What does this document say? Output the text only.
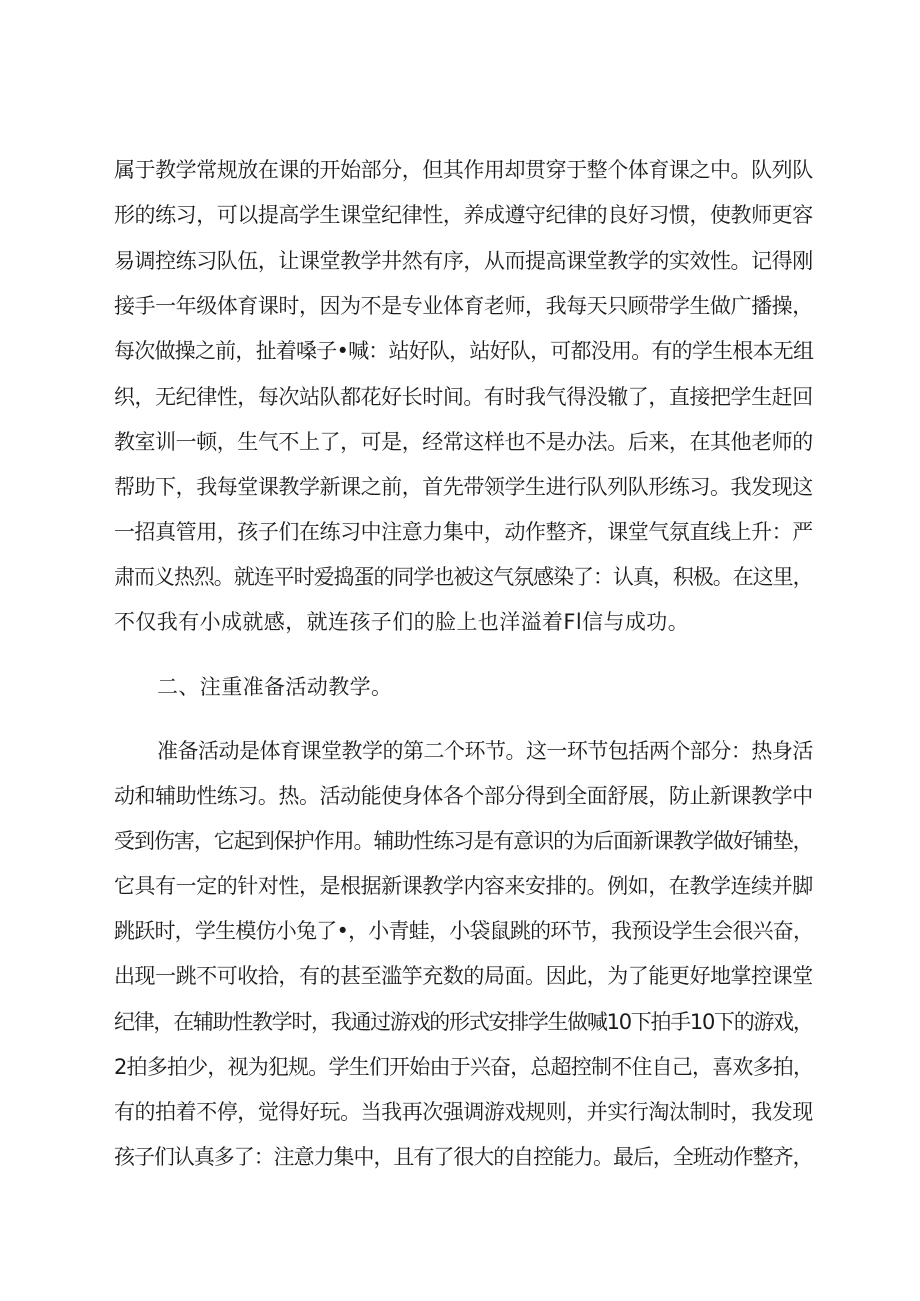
属于教学常规放在课的开始部分，但其作用却贯穿于整个体育课之中。队列队
形的练习，可以提高学生课堂纪律性，养成遵守纪律的良好习惯，使教师更容
易调控练习队伍，让课堂教学井然有序，从而提高课堂教学的实效性。记得刚
接手一年级体育课时，因为不是专业体育老师，我每天只顾带学生做广播操，
每次做操之前，扯着嗓子•喊：站好队，站好队，可都没用。有的学生根本无组
织，无纪律性，每次站队都花好长时间。有时我气得没辙了，直接把学生赶回
教室训一顿，生气不上了，可是，经常这样也不是办法。后来，在其他老师的
帮助下，我每堂课教学新课之前，首先带领学生进行队列队形练习。我发现这
一招真管用，孩子们在练习中注意力集中，动作整齐，课堂气氛直线上升：严
肃而义热烈。就连平时爱捣蛋的同学也被这气氛感染了：认真，积极。在这里，
不仅我有小成就感，就连孩子们的脸上也洋溢着Fl信与成功。
二、注重准备活动教学。
准备活动是体育课堂教学的第二个环节。这一环节包括两个部分：热身活
动和辅助性练习。热。活动能使身体各个部分得到全面舒展，防止新课教学中
受到伤害，它起到保护作用。辅助性练习是有意识的为后面新课教学做好铺垫，
它具有一定的针对性，是根据新课教学内容来安排的。例如，在教学连续并脚
跳跃时，学生模仿小兔了•，小青蛙，小袋鼠跳的环节，我预设学生会很兴奋，
出现一跳不可收拾，有的甚至滥竽充数的局面。因此，为了能更好地掌控课堂
纪律，在辅助性教学时，我通过游戏的形式安排学生做喊10下拍手10下的游戏，
2拍多拍少，视为犯规。学生们开始由于兴奋，总超控制不住自己，喜欢多拍，
有的拍着不停，觉得好玩。当我再次强调游戏规则，并实行淘汰制时，我发现
孩子们认真多了：注意力集中，且有了很大的自控能力。最后，全班动作整齐，
